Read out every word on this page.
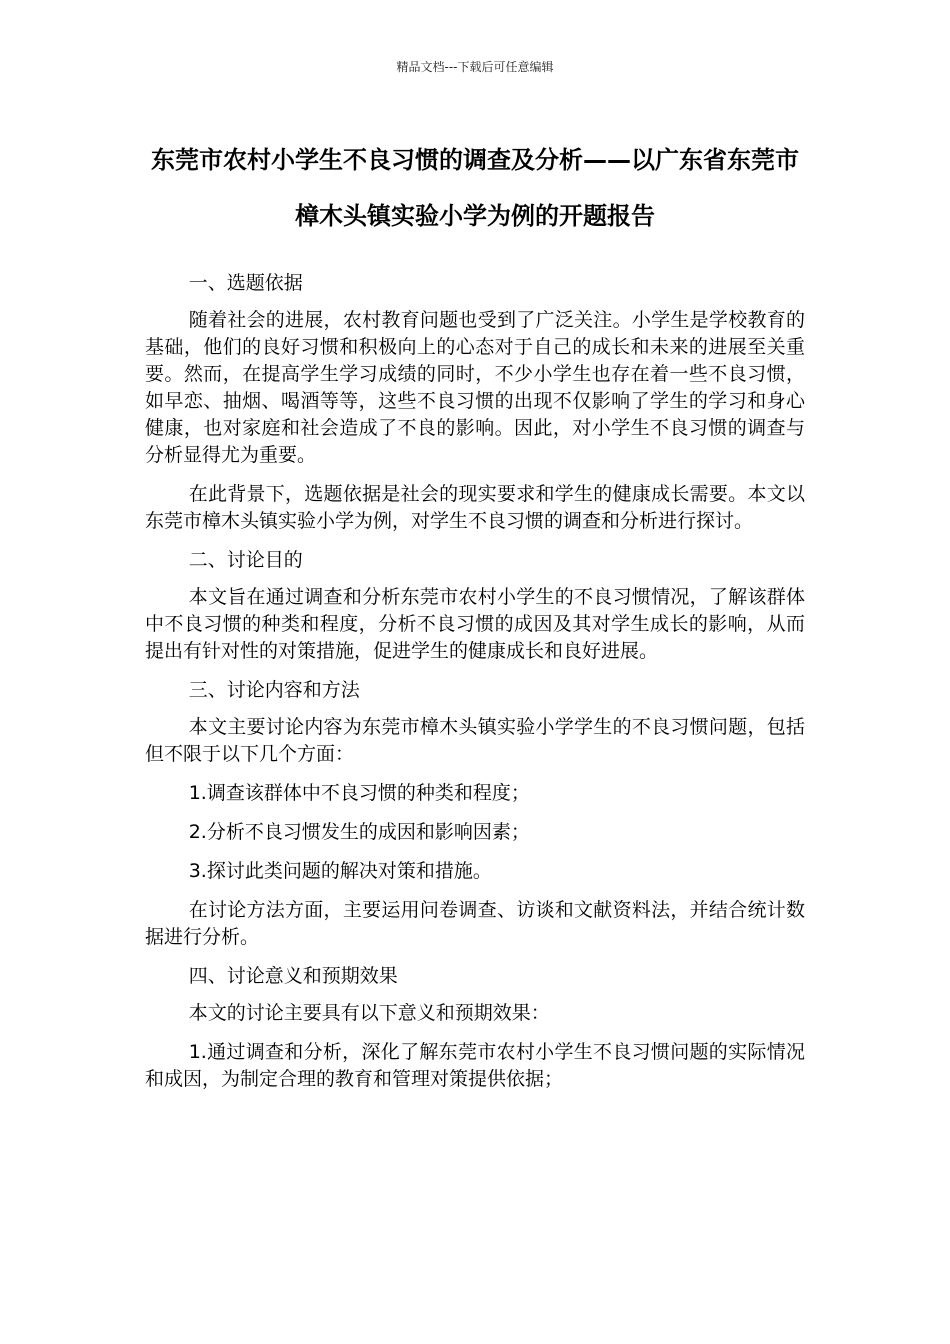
精品文档---下载后可任意编辑
东莞市农村小学生不良习惯的调查及分析——以广东省东莞市樟木头镇实验小学为例的开题报告

一、选题依据

随着社会的进展，农村教育问题也受到了广泛关注。小学生是学校教育的基础，他们的良好习惯和积极向上的心态对于自己的成长和未来的进展至关重要。然而，在提高学生学习成绩的同时，不少小学生也存在着一些不良习惯，如早恋、抽烟、喝酒等等，这些不良习惯的出现不仅影响了学生的学习和身心健康，也对家庭和社会造成了不良的影响。因此，对小学生不良习惯的调查与分析显得尤为重要。

在此背景下，选题依据是社会的现实要求和学生的健康成长需要。本文以东莞市樟木头镇实验小学为例，对学生不良习惯的调查和分析进行探讨。

二、讨论目的

本文旨在通过调查和分析东莞市农村小学生的不良习惯情况，了解该群体中不良习惯的种类和程度，分析不良习惯的成因及其对学生成长的影响，从而提出有针对性的对策措施，促进学生的健康成长和良好进展。

三、讨论内容和方法

本文主要讨论内容为东莞市樟木头镇实验小学学生的不良习惯问题，包括但不限于以下几个方面：

1.调查该群体中不良习惯的种类和程度；

2.分析不良习惯发生的成因和影响因素；

3.探讨此类问题的解决对策和措施。

在讨论方法方面，主要运用问卷调查、访谈和文献资料法，并结合统计数据进行分析。

四、讨论意义和预期效果

本文的讨论主要具有以下意义和预期效果：

1.通过调查和分析，深化了解东莞市农村小学生不良习惯问题的实际情况和成因，为制定合理的教育和管理对策提供依据；
